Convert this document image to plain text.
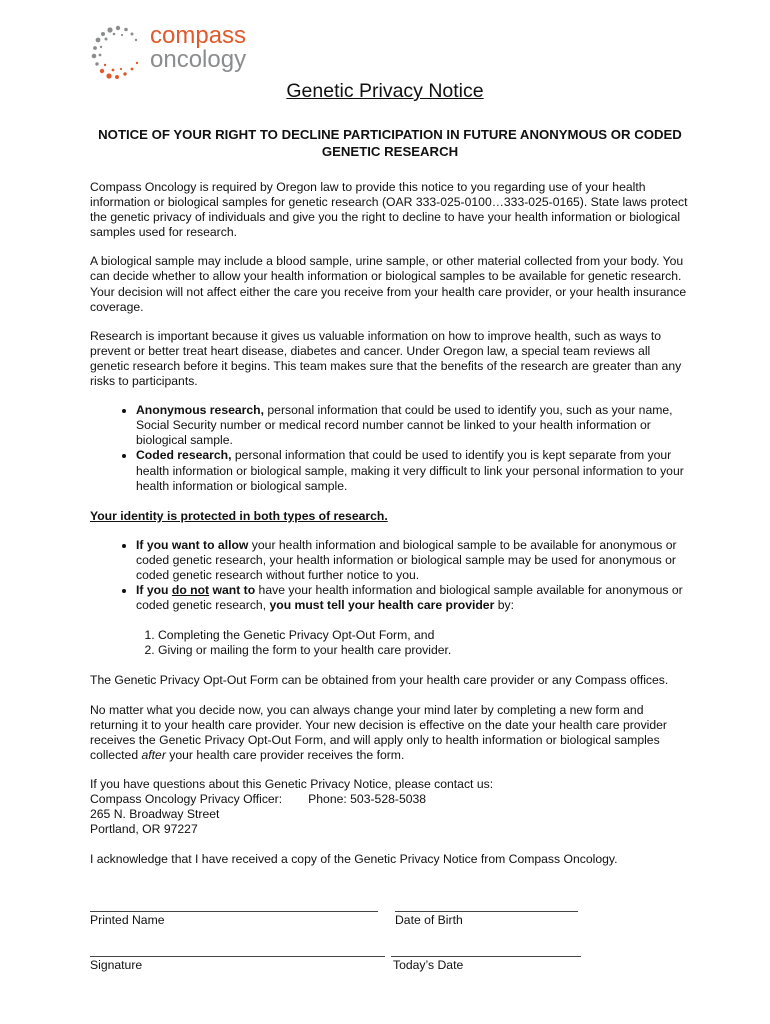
compass
oncology
Genetic Privacy Notice
NOTICE OF YOUR RIGHT TO DECLINE PARTICIPATION IN FUTURE ANONYMOUS OR CODED GENETIC RESEARCH

Compass Oncology is required by Oregon law to provide this notice to you regarding use of your health information or biological samples for genetic research (OAR 333-025-0100…333-025-0165). State laws protect the genetic privacy of individuals and give you the right to decline to have your health information or biological samples used for research.

A biological sample may include a blood sample, urine sample, or other material collected from your body. You can decide whether to allow your health information or biological samples to be available for genetic research. Your decision will not affect either the care you receive from your health care provider, or your health insurance coverage.

Research is important because it gives us valuable information on how to improve health, such as ways to prevent or better treat heart disease, diabetes and cancer. Under Oregon law, a special team reviews all genetic research before it begins. This team makes sure that the benefits of the research are greater than any risks to participants.

• Anonymous research, personal information that could be used to identify you, such as your name, Social Security number or medical record number cannot be linked to your health information or biological sample.
• Coded research, personal information that could be used to identify you is kept separate from your health information or biological sample, making it very difficult to link your personal information to your health information or biological sample.

Your identity is protected in both types of research.

• If you want to allow your health information and biological sample to be available for anonymous or coded genetic research, your health information or biological sample may be used for anonymous or coded genetic research without further notice to you.
• If you do not want to have your health information and biological sample available for anonymous or coded genetic research, you must tell your health care provider by:
1. Completing the Genetic Privacy Opt-Out Form, and
2. Giving or mailing the form to your health care provider.

The Genetic Privacy Opt-Out Form can be obtained from your health care provider or any Compass offices.

No matter what you decide now, you can always change your mind later by completing a new form and returning it to your health care provider. Your new decision is effective on the date your health care provider receives the Genetic Privacy Opt-Out Form, and will apply only to health information or biological samples collected after your health care provider receives the form.

If you have questions about this Genetic Privacy Notice, please contact us:
Compass Oncology Privacy Officer: Phone: 503-528-5038
265 N. Broadway Street
Portland, OR 97227

I acknowledge that I have received a copy of the Genetic Privacy Notice from Compass Oncology.

Printed Name	Date of Birth
Signature	Today’s Date
